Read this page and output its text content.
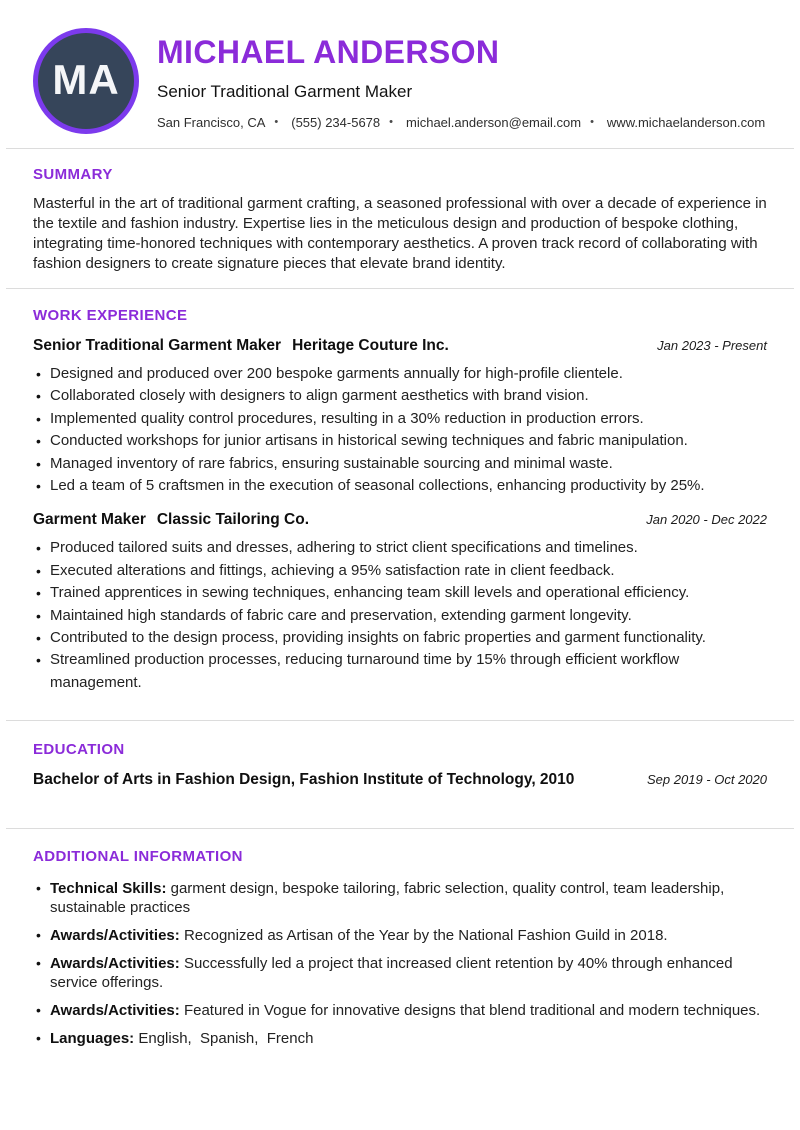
MA
MICHAEL ANDERSON
Senior Traditional Garment Maker
San Francisco, CA • (555) 234-5678 • michael.anderson@email.com • www.michaelanderson.com
SUMMARY

Masterful in the art of traditional garment crafting, a seasoned professional with over a decade of experience in the textile and fashion industry. Expertise lies in the meticulous design and production of bespoke clothing, integrating time-honored techniques with contemporary aesthetics. A proven track record of collaborating with fashion designers to create signature pieces that elevate brand identity.

WORK EXPERIENCE
Senior Traditional Garment Maker Heritage Couture Inc.	Jan 2023 - Present
• Designed and produced over 200 bespoke garments annually for high-profile clientele.
• Collaborated closely with designers to align garment aesthetics with brand vision.
• Implemented quality control procedures, resulting in a 30% reduction in production errors.
• Conducted workshops for junior artisans in historical sewing techniques and fabric manipulation.
• Managed inventory of rare fabrics, ensuring sustainable sourcing and minimal waste.
• Led a team of 5 craftsmen in the execution of seasonal collections, enhancing productivity by 25%.
Garment Maker Classic Tailoring Co.	Jan 2020 - Dec 2022
• Produced tailored suits and dresses, adhering to strict client specifications and timelines.
• Executed alterations and fittings, achieving a 95% satisfaction rate in client feedback.
• Trained apprentices in sewing techniques, enhancing team skill levels and operational efficiency.
• Maintained high standards of fabric care and preservation, extending garment longevity.
• Contributed to the design process, providing insights on fabric properties and garment functionality.
• Streamlined production processes, reducing turnaround time by 15% through efficient workflow management.
EDUCATION
Bachelor of Arts in Fashion Design, Fashion Institute of Technology, 2010	Sep 2019 - Oct 2020
ADDITIONAL INFORMATION
• Technical Skills: garment design, bespoke tailoring, fabric selection, quality control, team leadership, sustainable practices
• Awards/Activities: Recognized as Artisan of the Year by the National Fashion Guild in 2018.
• Awards/Activities: Successfully led a project that increased client retention by 40% through enhanced service offerings.
• Awards/Activities: Featured in Vogue for innovative designs that blend traditional and modern techniques.
• Languages: English,  Spanish,  French
